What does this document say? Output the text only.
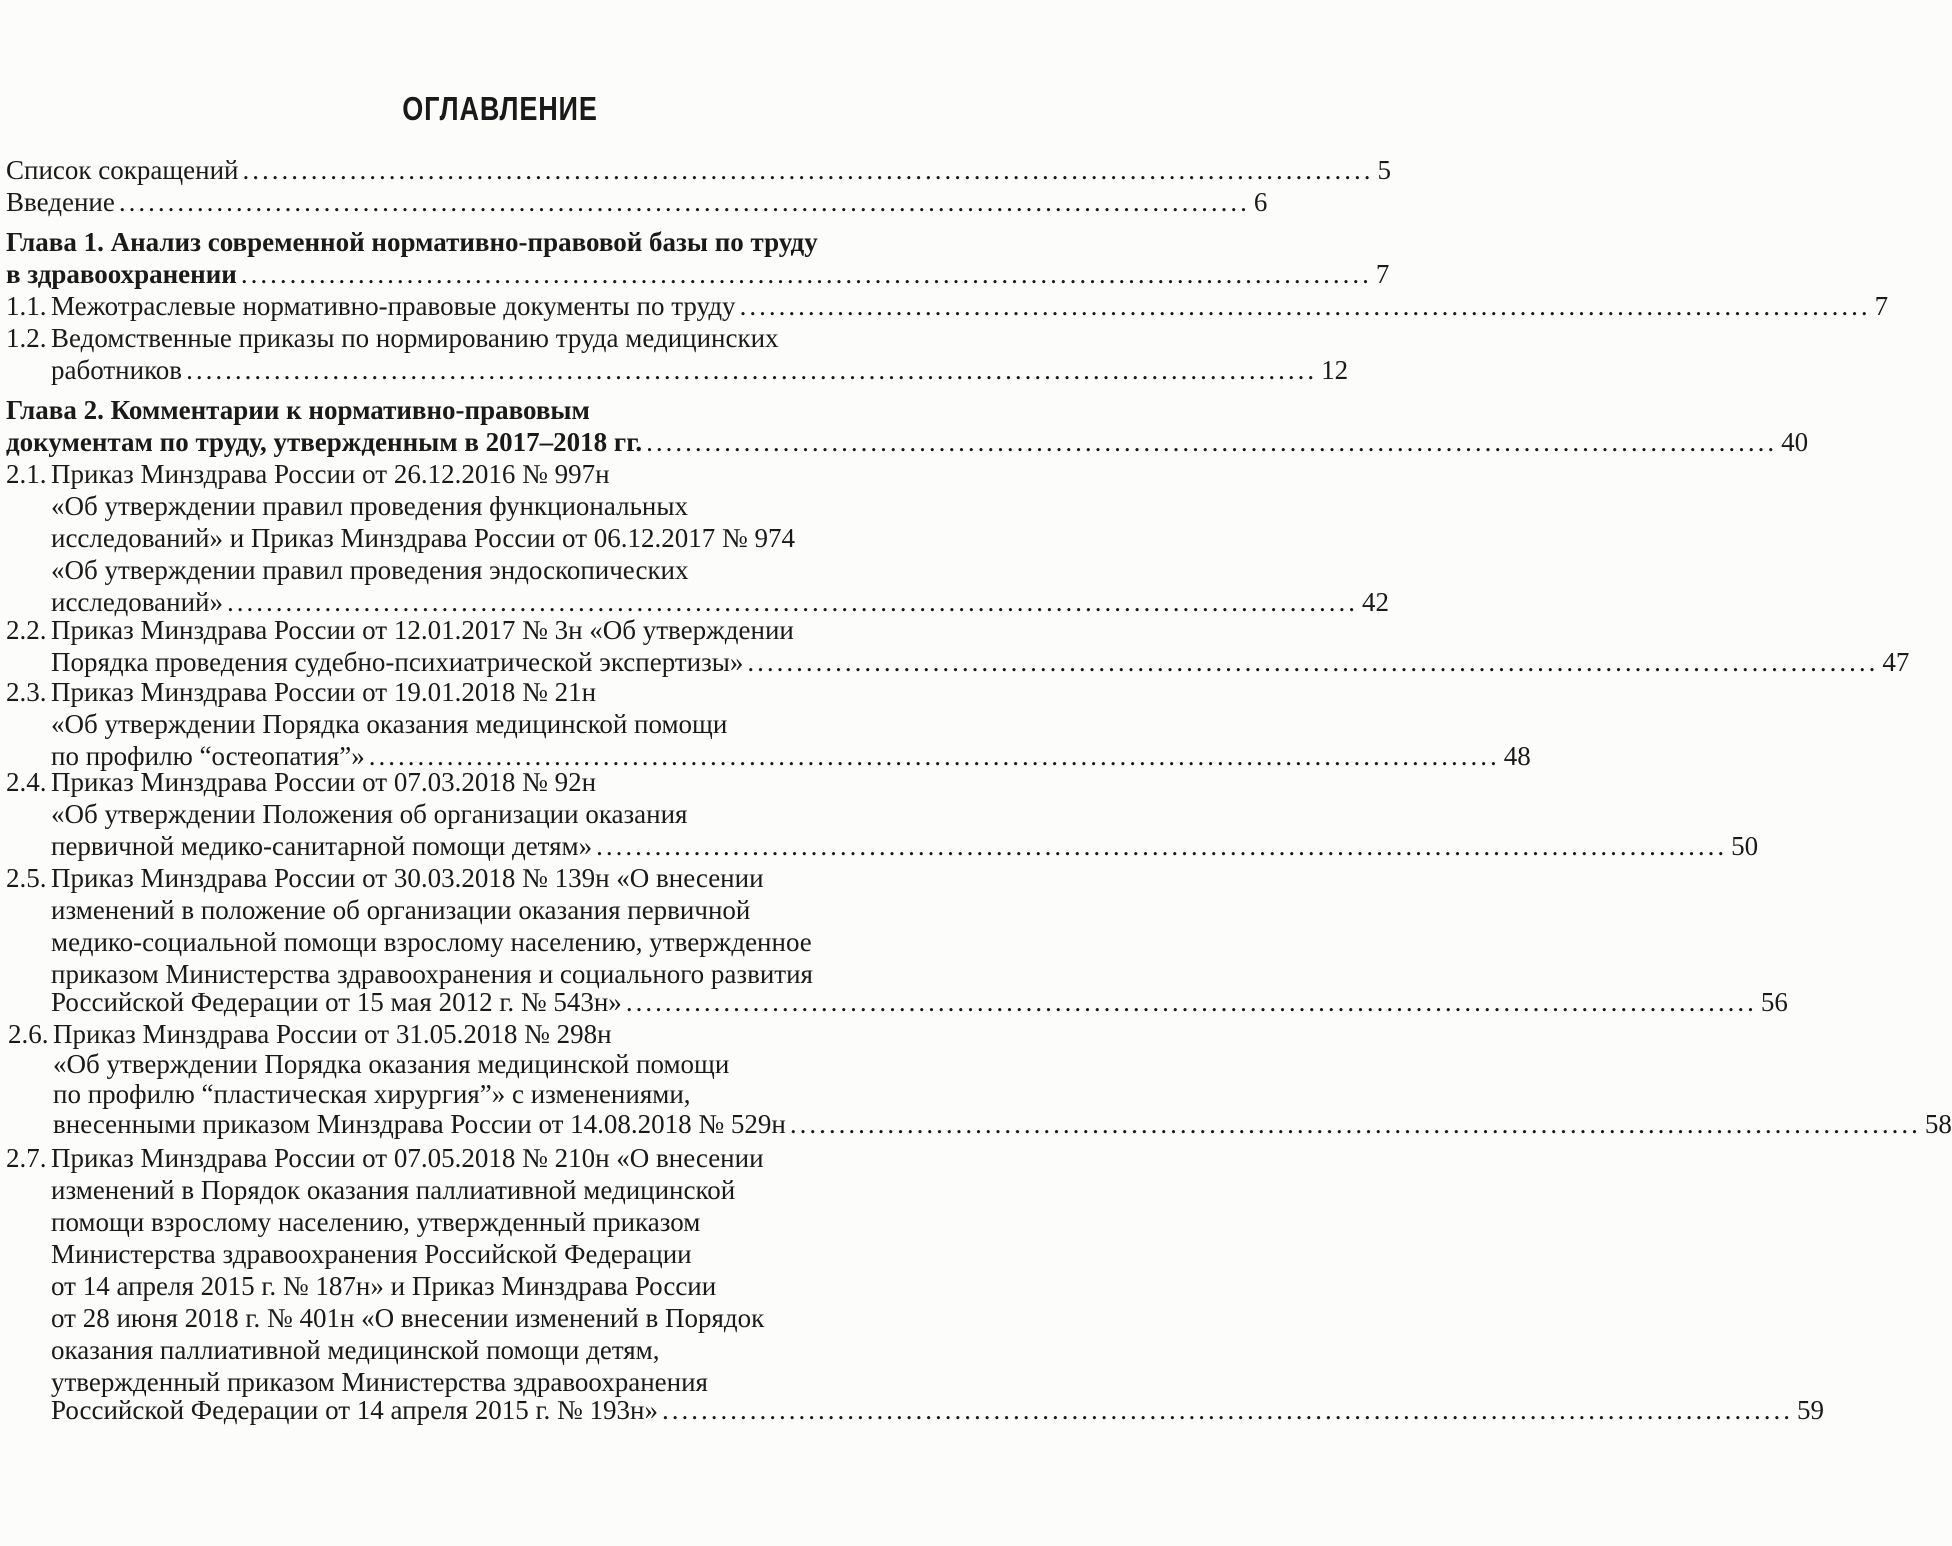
ОГЛАВЛЕНИЕ
Список сокращений .................................................................................................................... 5
Введение .................................................................................................................... 6
Глава 1. Анализ современной нормативно-правовой базы по труду
в здравоохранении .................................................................................................................... 7
1.1. Межотраслевые нормативно-правовые документы по труду .................................................................................................................... 7
1.2. Ведомственные приказы по нормированию труда медицинских
работников .................................................................................................................... 12
Глава 2. Комментарии к нормативно-правовым
документам по труду, утвержденным в 2017–2018 гг. .................................................................................................................... 40
2.1. Приказ Минздрава России от 26.12.2016 № 997н
«Об утверждении правил проведения функциональных
исследований» и Приказ Минздрава России от 06.12.2017 № 974
«Об утверждении правил проведения эндоскопических
исследований» .................................................................................................................... 42
2.2. Приказ Минздрава России от 12.01.2017 № 3н «Об утверждении
Порядка проведения судебно-психиатрической экспертизы» .................................................................................................................... 47
2.3. Приказ Минздрава России от 19.01.2018 № 21н
«Об утверждении Порядка оказания медицинской помощи
по профилю “остеопатия”» .................................................................................................................... 48
2.4. Приказ Минздрава России от 07.03.2018 № 92н
«Об утверждении Положения об организации оказания
первичной медико-санитарной помощи детям» .................................................................................................................... 50
2.5. Приказ Минздрава России от 30.03.2018 № 139н «О внесении
изменений в положение об организации оказания первичной
медико-социальной помощи взрослому населению, утвержденное
приказом Министерства здравоохранения и социального развития
Российской Федерации от 15 мая 2012 г. № 543н» .................................................................................................................... 56
2.6. Приказ Минздрава России от 31.05.2018 № 298н
«Об утверждении Порядка оказания медицинской помощи
по профилю “пластическая хирургия”» с изменениями,
внесенными приказом Минздрава России от 14.08.2018 № 529н .................................................................................................................... 58
2.7. Приказ Минздрава России от 07.05.2018 № 210н «О внесении
изменений в Порядок оказания паллиативной медицинской
помощи взрослому населению, утвержденный приказом
Министерства здравоохранения Российской Федерации
от 14 апреля 2015 г. № 187н» и Приказ Минздрава России
от 28 июня 2018 г. № 401н «О внесении изменений в Порядок
оказания паллиативной медицинской помощи детям,
утвержденный приказом Министерства здравоохранения
Российской Федерации от 14 апреля 2015 г. № 193н» .................................................................................................................... 59
